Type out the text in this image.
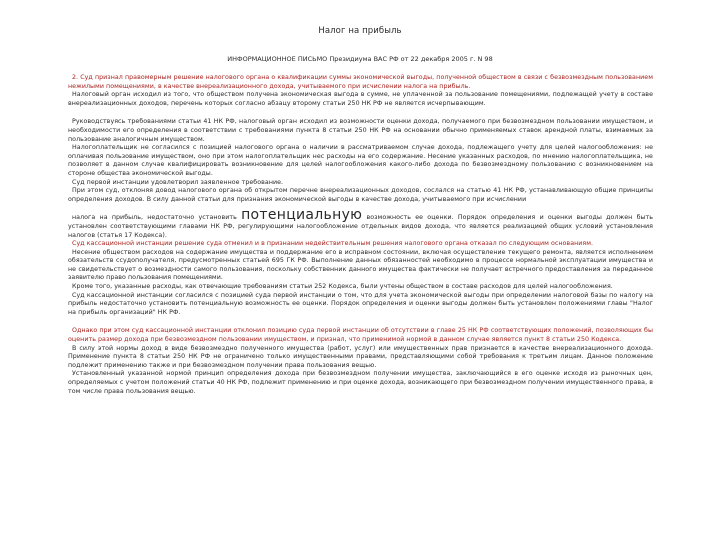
Налог на прибыль
ИНФОРМАЦИОННОЕ ПИСЬМО Президиума ВАС РФ от 22 декабря 2005 г. N 98

2. Суд признал правомерным решение налогового органа о квалификации суммы экономической выгоды, полученной обществом в связи с безвозмездным пользованием нежилыми помещениями, в качестве внереализационного дохода, учитываемого при исчислении налога на прибыль.

Налоговый орган исходил из того, что обществом получена экономическая выгода в сумме, не уплаченной за пользование помещениями, подлежащей учету в составе внереализационных доходов, перечень которых согласно абзацу второму статьи 250 НК РФ не является исчерпывающим.

Руководствуясь требованиями статьи 41 НК РФ, налоговый орган исходил из возможности оценки дохода, получаемого при безвозмездном пользовании имуществом, и необходимости его определения в соответствии с требованиями пункта 8 статьи 250 НК РФ на основании обычно применяемых ставок арендной платы, взимаемых за пользование аналогичным имуществом.

Налогоплательщик не согласился с позицией налогового органа о наличии в рассматриваемом случае дохода, подлежащего учету для целей налогообложения: не оплачивая пользование имуществом, оно при этом налогоплательщик нес расходы на его содержание. Несение указанных расходов, по мнению налогоплательщика, не позволяет в данном случае квалифицировать возникновение для целей налогообложения какого-либо дохода по безвозмездному пользованию с возникновением на стороне общества экономической выгоды.

Суд первой инстанции удовлетворил заявленное требование.

При этом суд, отклоняя довод налогового органа об открытом перечне внереализационных доходов, сослался на статью 41 НК РФ, устанавливающую общие принципы определения доходов. В силу данной статьи для признания экономической выгоды в качестве дохода, учитываемого при исчислении

налога на прибыль, недостаточно установить потенциальную возможность ее оценки. Порядок определения и оценки выгоды должен быть установлен соответствующими главами НК РФ, регулирующими налогообложение отдельных видов дохода, что является реализацией общих условий установления налогов (статья 17 Кодекса).

Суд кассационной инстанции решение суда отменил и в признании недействительным решения налогового органа отказал по следующим основаниям.

Несение обществом расходов на содержание имущества и поддержание его в исправном состоянии, включая осуществление текущего ремонта, является исполнением обязательств ссудополучателя, предусмотренных статьей 695 ГК РФ. Выполнение данных обязанностей необходимо в процессе нормальной эксплуатации имущества и не свидетельствует о возмездности самого пользования, поскольку собственник данного имущества фактически не получает встречного предоставления за переданное заявителю право пользования помещениями.

Кроме того, указанные расходы, как отвечающие требованиям статьи 252 Кодекса, были учтены обществом в составе расходов для целей налогообложения.

Суд кассационной инстанции согласился с позицией суда первой инстанции о том, что для учета экономической выгоды при определении налоговой базы по налогу на прибыль недостаточно установить потенциальную возможность ее оценки. Порядок определения и оценки выгоды должен быть установлен положениями главы "Налог на прибыль организаций" НК РФ.

Однако при этом суд кассационной инстанции отклонил позицию суда первой инстанции об отсутствии в главе 25 НК РФ соответствующих положений, позволяющих бы оценить размер дохода при безвозмездном пользовании имуществом, и признал, что применимой нормой в данном случае является пункт 8 статьи 250 Кодекса.

В силу этой нормы доход в виде безвозмездно полученного имущества (работ, услуг) или имущественных прав признается в качестве внереализационного дохода. Применение пункта 8 статьи 250 НК РФ не ограничено только имущественными правами, представляющими собой требования к третьим лицам. Данное положение подлежит применению также и при безвозмездном получении права пользования вещью.

Установленный указанной нормой принцип определения дохода при безвозмездном получении имущества, заключающийся в его оценке исходя из рыночных цен, определяемых с учетом положений статьи 40 НК РФ, подлежит применению и при оценке дохода, возникающего при безвозмездном получении имущественного права, в том числе права пользования вещью.
